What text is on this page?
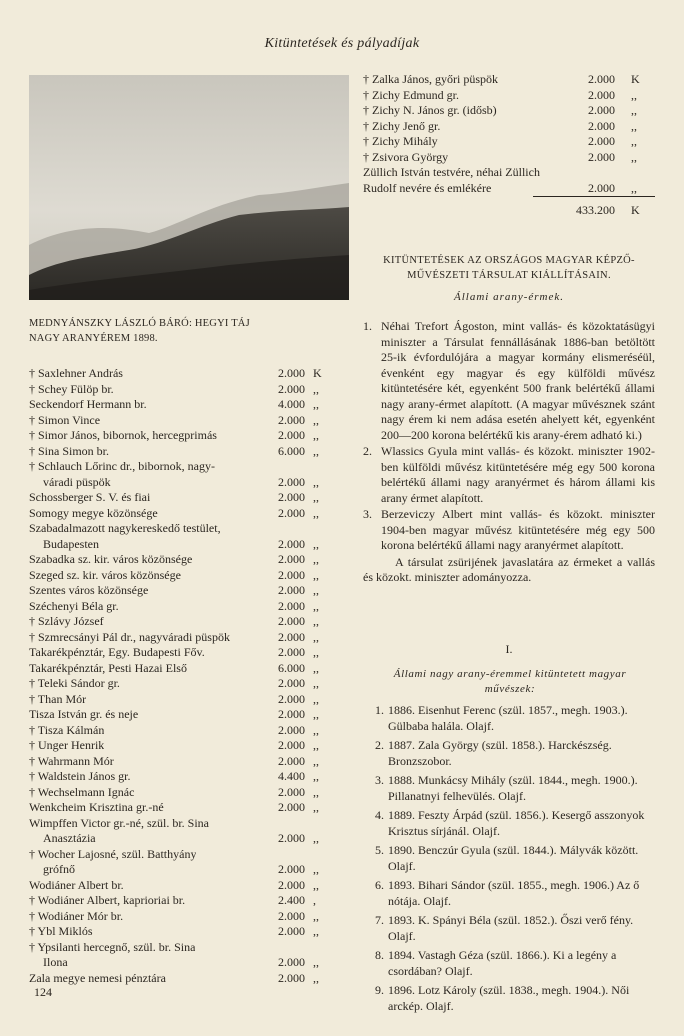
Kitüntetések és pályadíjak
MEDNYÁNSZKY LÁSZLÓ BÁRÓ: HEGYI TÁJ
NAGY ARANYÉREM 1898.
† Saxlehner András	2.000 K
† Schey Fülöp br.	2.000 ,,
Seckendorf Hermann br.	4.000 ,,
† Simon Vince	2.000 ,,
† Simor János, bibornok, hercegprimás	2.000 ,,
† Sina Simon br.	6.000 ,,
† Schlauch Lőrinc dr., bibornok, nagy-
váradi püspök	2.000 ,,
Schossberger S. V. és fiai	2.000 ,,
Somogy megye közönsége	2.000 ,,
Szabadalmazott nagykereskedő testület,
Budapesten	2.000 ,,
Szabadka sz. kir. város közönsége	2.000 ,,
Szeged sz. kir. város közönsége	2.000 ,,
Szentes város közönsége	2.000 ,,
Széchenyi Béla gr.	2.000 ,,
† Szlávy József	2.000 ,,
† Szmrecsányi Pál dr., nagyváradi püspök	2.000 ,,
Takarékpénztár, Egy. Budapesti Főv.	2.000 ,,
Takarékpénztár, Pesti Hazai Első	6.000 ,,
† Teleki Sándor gr.	2.000 ,,
† Than Mór	2.000 ,,
Tisza István gr. és neje	2.000 ,,
† Tisza Kálmán	2.000 ,,
† Unger Henrik	2.000 ,,
† Wahrmann Mór	2.000 ,,
† Waldstein János gr.	4.400 ,,
† Wechselmann Ignác	2.000 ,,
Wenkcheim Krisztina gr.-né	2.000 ,,
Wimpffen Victor gr.-né, szül. br. Sina
Anasztázia	2.000 ,,
† Wocher Lajosné, szül. Batthyány
grófnő	2.000 ,,
Wodiáner Albert br.	2.000 ,,
† Wodiáner Albert, kaprioriai br.	2.400 ,
† Wodiáner Mór br.	2.000 ,,
† Ybl Miklós	2.000 ,,
† Ypsilanti hercegnő, szül. br. Sina
Ilona	2.000 ,,
Zala megye nemesi pénztára	2.000 ,,
† Zalka János, győri püspök	2.000 K
† Zichy Edmund gr.	2.000 ,,
† Zichy N. János gr. (idősb)	2.000 ,,
† Zichy Jenő gr.	2.000 ,,
† Zichy Mihály	2.000 ,,
† Zsivora György	2.000 ,,
Züllich István testvére, néhai Züllich
Rudolf nevére és emlékére	2.000 ,,
433.200 K
KITÜNTETÉSEK AZ ORSZÁGOS MAGYAR KÉPZŐ-
MŰVÉSZETI TÁRSULAT KIÁLLÍTÁSAIN.
Állami arany-érmek.
1. Néhai Trefort Ágoston, mint vallás- és közoktatásügyi miniszter a Társulat fennállásának 1886-ban betöltött 25-ik évfordulójára a magyar kormány elismeréséül, évenként egy magyar és egy külföldi művész kitüntetésére két, egyenként 500 frank belértékű állami nagy arany-érmet alapított. (A magyar művésznek szánt nagy érem ki nem adása esetén ahelyett két, egyenként 200—200 korona belértékű kis arany-érem adható ki.)
2. Wlassics Gyula mint vallás- és közokt. miniszter 1902-ben külföldi művész kitüntetésére még egy 500 korona belértékű állami nagy aranyérmet és három állami kis arany érmet alapított.
3. Berzeviczy Albert mint vallás- és közokt. miniszter 1904-ben magyar művész kitüntetésére még egy 500 korona belértékű állami nagy aranyérmet alapított.
A társulat zsürijének javaslatára az érmeket a vallás és közokt. miniszter adományozza.
I.
Állami nagy arany-éremmel kitüntetett magyar
művészek:
1. 1886. Eisenhut Ferenc (szül. 1857., megh. 1903.). Gülbaba halála. Olajf.
2. 1887. Zala György (szül. 1858.). Harckészség. Bronzszobor.
3. 1888. Munkácsy Mihály (szül. 1844., megh. 1900.). Pillanatnyi felhevülés. Olajf.
4. 1889. Feszty Árpád (szül. 1856.). Kesergő asszonyok Krisztus sírjánál. Olajf.
5. 1890. Benczúr Gyula (szül. 1844.). Mályvák között. Olajf.
6. 1893. Bihari Sándor (szül. 1855., megh. 1906.) Az ő nótája. Olajf.
7. 1893. K. Spányi Béla (szül. 1852.). Őszi verő fény. Olajf.
8. 1894. Vastagh Géza (szül. 1866.). Ki a legény a csordában? Olajf.
9. 1896. Lotz Károly (szül. 1838., megh. 1904.). Női arckép. Olajf.
124
